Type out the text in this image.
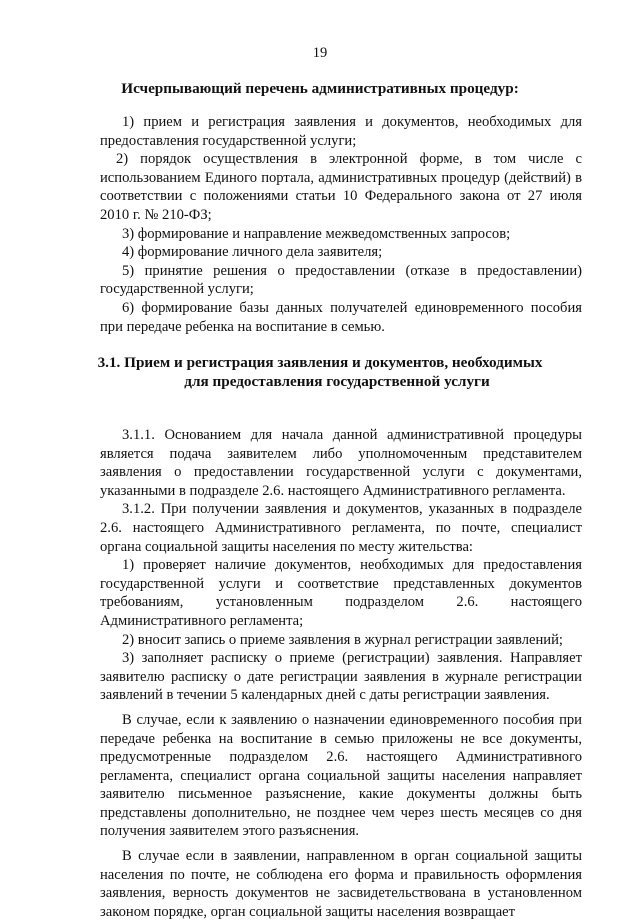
19
Исчерпывающий перечень административных процедур:

1) прием и регистрация заявления и документов, необходимых для предоставления государственной услуги;

2) порядок осуществления в электронной форме, в том числе с использованием Единого портала, административных процедур (действий) в соответствии с положениями статьи 10 Федерального закона от 27 июля 2010 г. № 210-ФЗ;

3) формирование и направление межведомственных запросов;

4) формирование личного дела заявителя;

5) принятие решения о предоставлении (отказе в предоставлении) государственной услуги;

6) формирование базы данных получателей единовременного пособия при передаче ребенка на воспитание в семью.

3.1. Прием и регистрация заявления и документов, необходимых
для предоставления государственной услуги

3.1.1. Основанием для начала данной административной процедуры является подача заявителем либо уполномоченным представителем заявления о предоставлении государственной услуги с документами, указанными в подразделе 2.6. настоящего Административного регламента.

3.1.2. При получении заявления и документов, указанных в подразделе 2.6. настоящего Административного регламента, по почте, специалист органа социальной защиты населения по месту жительства:

1) проверяет наличие документов, необходимых для предоставления государственной услуги и соответствие представленных документов требованиям, установленным подразделом 2.6. настоящего Административного регламента;

2) вносит запись о приеме заявления в журнал регистрации заявлений;

3) заполняет расписку о приеме (регистрации) заявления. Направляет заявителю расписку о дате регистрации заявления в журнале регистрации заявлений в течении 5 календарных дней с даты регистрации заявления.

В случае, если к заявлению о назначении единовременного пособия при передаче ребенка на воспитание в семью приложены не все документы, предусмотренные подразделом 2.6. настоящего Административного регламента, специалист органа социальной защиты населения направляет заявителю письменное разъяснение, какие документы должны быть представлены дополнительно, не позднее чем через шесть месяцев со дня получения заявителем этого разъяснения.

В случае если в заявлении, направленном в орган социальной защиты населения по почте, не соблюдена его форма и правильность оформления заявления, верность документов не засвидетельствована в установленном законом порядке, орган социальной защиты населения возвращает
